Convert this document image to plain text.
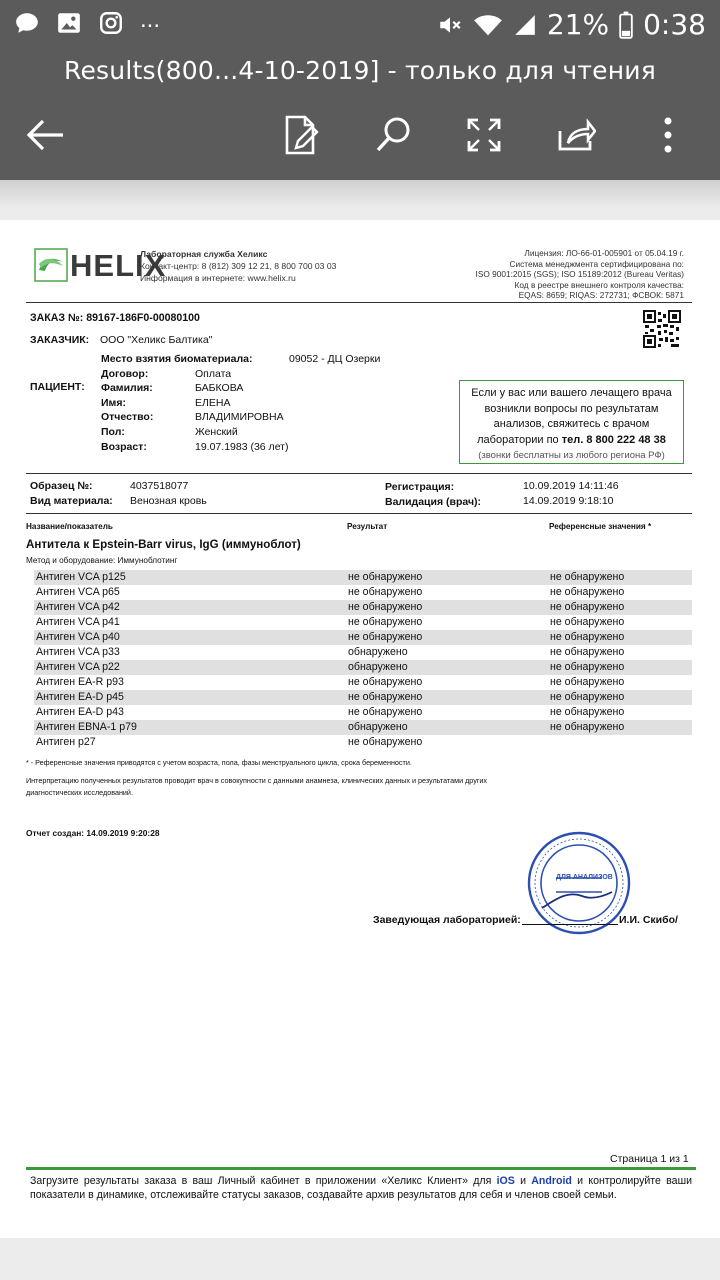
...	21% 0:38
Results(800...4-10-2019] - только для чтения
HELIX
Лабораторная служба Хеликс
Контакт-центр: 8 (812) 309 12 21, 8 800 700 03 03
Информация в интернете: www.helix.ru
Лицензия: ЛО-66-01-005901 от 05.04.19 г.
Система менеджмента сертифицирована по:
ISO 9001:2015 (SGS); ISO 15189:2012 (Bureau Veritas)
Код в реестре внешнего контроля качества:
EQAS: 8659; RIQAS: 272731; ФСВОК: 5871
ЗАКАЗ №: 89167-186F0-00080100
ЗАКАЗЧИК: ООО "Хеликс Балтика"
ПАЦИЕНТ:
Место взятия биоматериала:	09052 - ДЦ Озерки
Договор:	Оплата
Фамилия:	БАБКОВА
Имя:	ЕЛЕНА
Отчество:	ВЛАДИМИРОВНА
Пол:	Женский
Возраст:	19.07.1983 (36 лет)
Если у вас или вашего лечащего врача
возникли вопросы по результатам
анализов, свяжитесь с врачом
лаборатории по тел. 8 800 222 48 38
(звонки бесплатны из любого региона РФ)
Образец №:	4037518077
Вид материала: Венозная кровь
Регистрация:	10.09.2019 14:11:46
Валидация (врач):	14.09.2019 9:18:10
Название/показатель	Результат	Референсные значения *
Антитела к Epstein-Barr virus, IgG (иммуноблот)
Метод и оборудование: Иммуноблотинг
Антиген VCA p125	не обнаружено	не обнаружено
Антиген VCA p65	не обнаружено	не обнаружено
Антиген VCA p42	не обнаружено	не обнаружено
Антиген VCA p41	не обнаружено	не обнаружено
Антиген VCA p40	не обнаружено	не обнаружено
Антиген VCA p33	обнаружено	не обнаружено
Антиген VCA p22	обнаружено	не обнаружено
Антиген EA-R p93	не обнаружено	не обнаружено
Антиген EA-D p45	не обнаружено	не обнаружено
Антиген EA-D p43	не обнаружено	не обнаружено
Антиген EBNA-1 p79	обнаружено	не обнаружено
Антиген p27	не обнаружено
* - Референсные значения приводятся с учетом возраста, пола, фазы менструального цикла, срока беременности.
Интерпретацию полученных результатов проводит врач в совокупности с данными анамнеза, клинических данных и результатами других
диагностических исследований.
Отчет создан: 14.09.2019 9:20:28
ДЛЯ АНАЛИЗОВ
Заведующая лабораторией:	И.И. Скибо/
Страница 1 из 1
Загрузите результаты заказа в ваш Личный кабинет в приложении «Хеликс Клиент» для iOS и Android и контролируйте ваши показатели в динамике, отслеживайте статусы заказов, создавайте архив результатов для себя и членов своей семьи.
